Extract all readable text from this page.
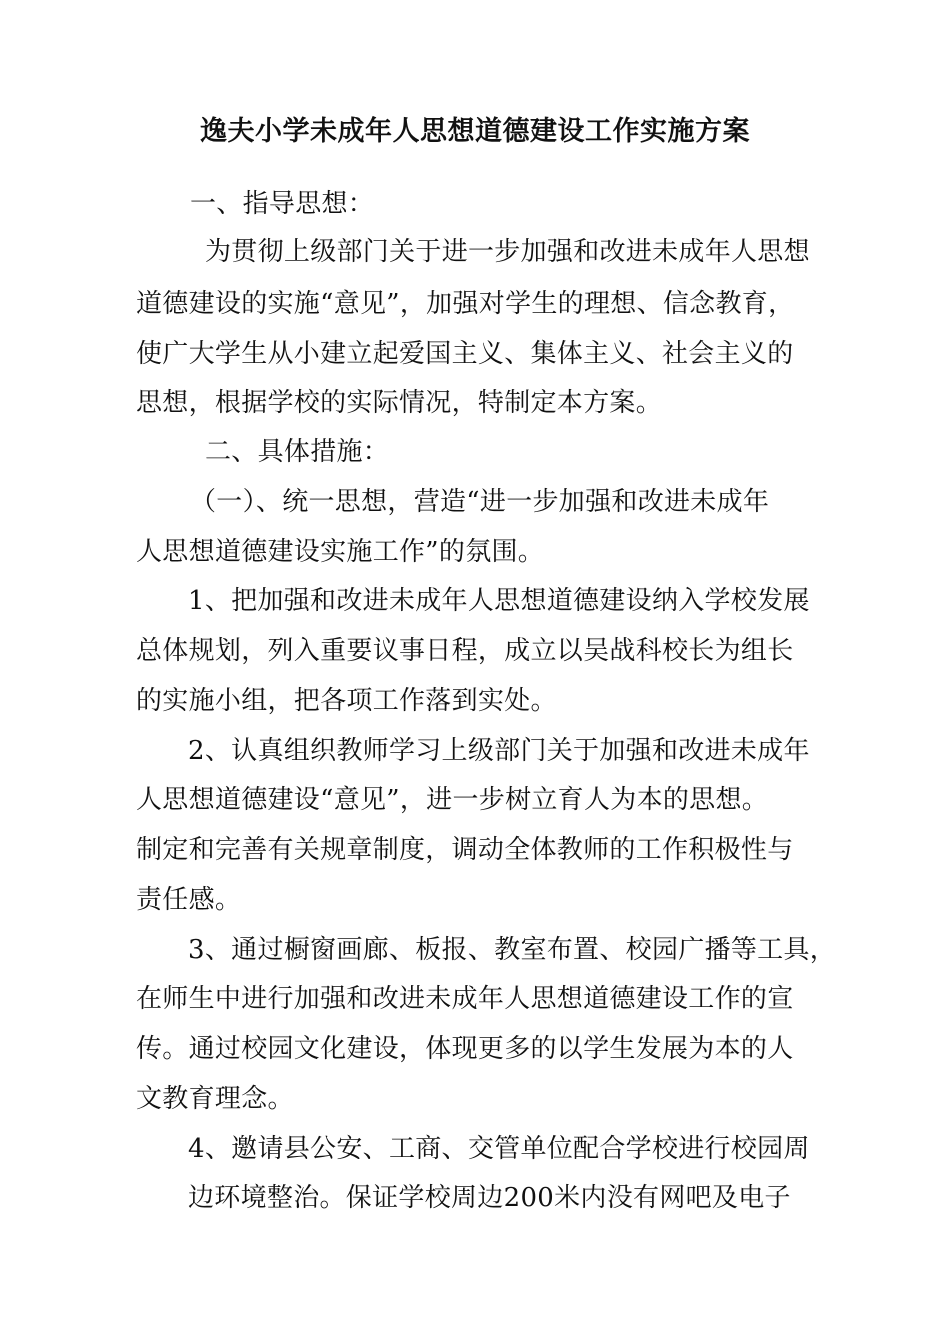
逸夫小学未成年人思想道德建设工作实施方案
一、指导思想：
为贯彻上级部门关于进一步加强和改进未成年人思想
道德建设的实施“意见”，加强对学生的理想、信念教育，
使广大学生从小建立起爱国主义、集体主义、社会主义的
思想，根据学校的实际情况，特制定本方案。
二、具体措施：
（一）、统一思想，营造“进一步加强和改进未成年
人思想道德建设实施工作”的氛围。
1、把加强和改进未成年人思想道德建设纳入学校发展
总体规划，列入重要议事日程，成立以吴战科校长为组长
的实施小组，把各项工作落到实处。
2、认真组织教师学习上级部门关于加强和改进未成年
人思想道德建设“意见”，进一步树立育人为本的思想。
制定和完善有关规章制度，调动全体教师的工作积极性与
责任感。
3、通过橱窗画廊、板报、教室布置、校园广播等工具，
在师生中进行加强和改进未成年人思想道德建设工作的宣
传。通过校园文化建设，体现更多的以学生发展为本的人
文教育理念。
4、邀请县公安、工商、交管单位配合学校进行校园周
边环境整治。保证学校周边200米内没有网吧及电子
